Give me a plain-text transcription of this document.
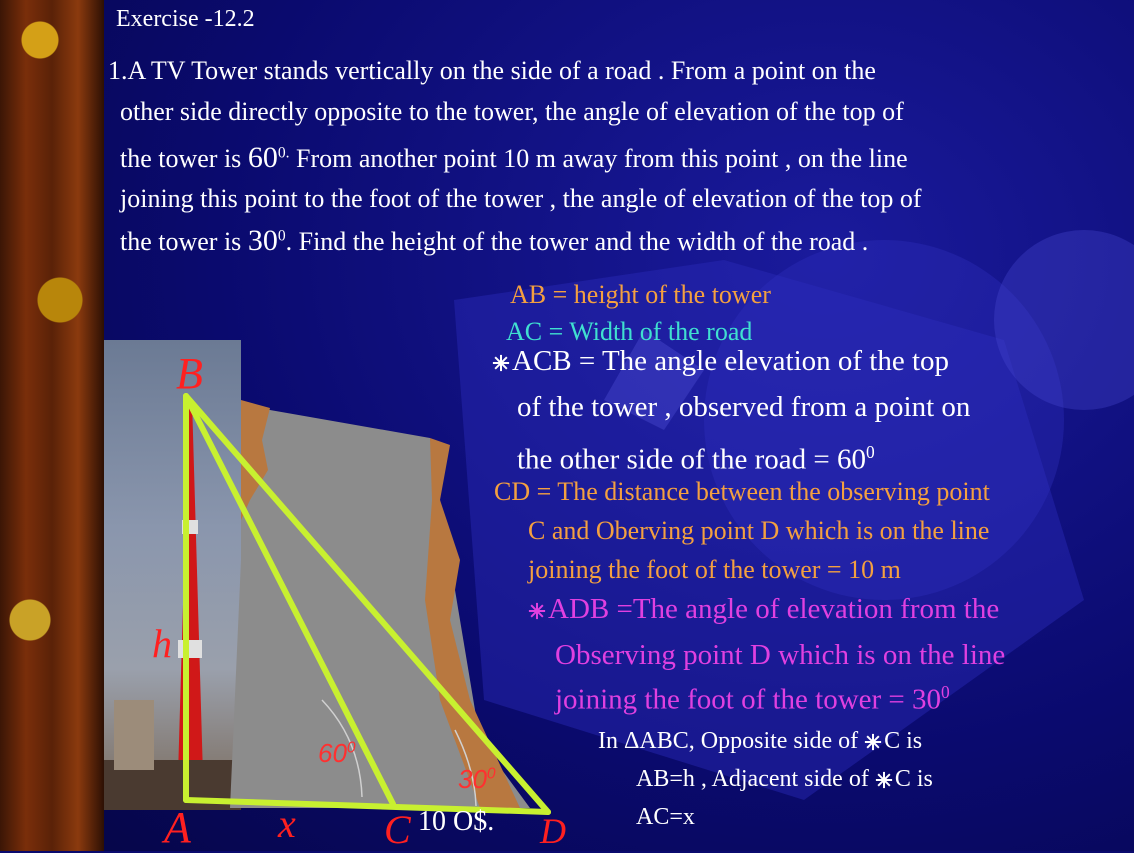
Exercise -12.2
1.A TV Tower stands vertically on the side of a road . From a point on the
other side directly opposite to the tower, the angle of elevation of the top of
the tower is $60^{0.}$ From another point 10 m away from this point , on the line
joining this point to the foot of the tower , the angle of elevation of the top of
the tower is $30^0$. Find the height of the tower and the width of the road .
AB = height of the tower
AC = Width of the road
B
h
A x C	D
$60^0$
$30^0$
10 O$.
ACB = The angle elevation of the top
of the tower , observed from a point on
the other side of the road = $60^0$
CD = The distance between the observing point
C and Oberving point D which is on the line
joining the foot of the tower = 10 m
ADB =The angle of elevation from the
Observing point D which is on the line
joining the foot of the tower = $30^0$
In ΔABC, Opposite side of C is
AB=h , Adjacent side of C is
AC=x
